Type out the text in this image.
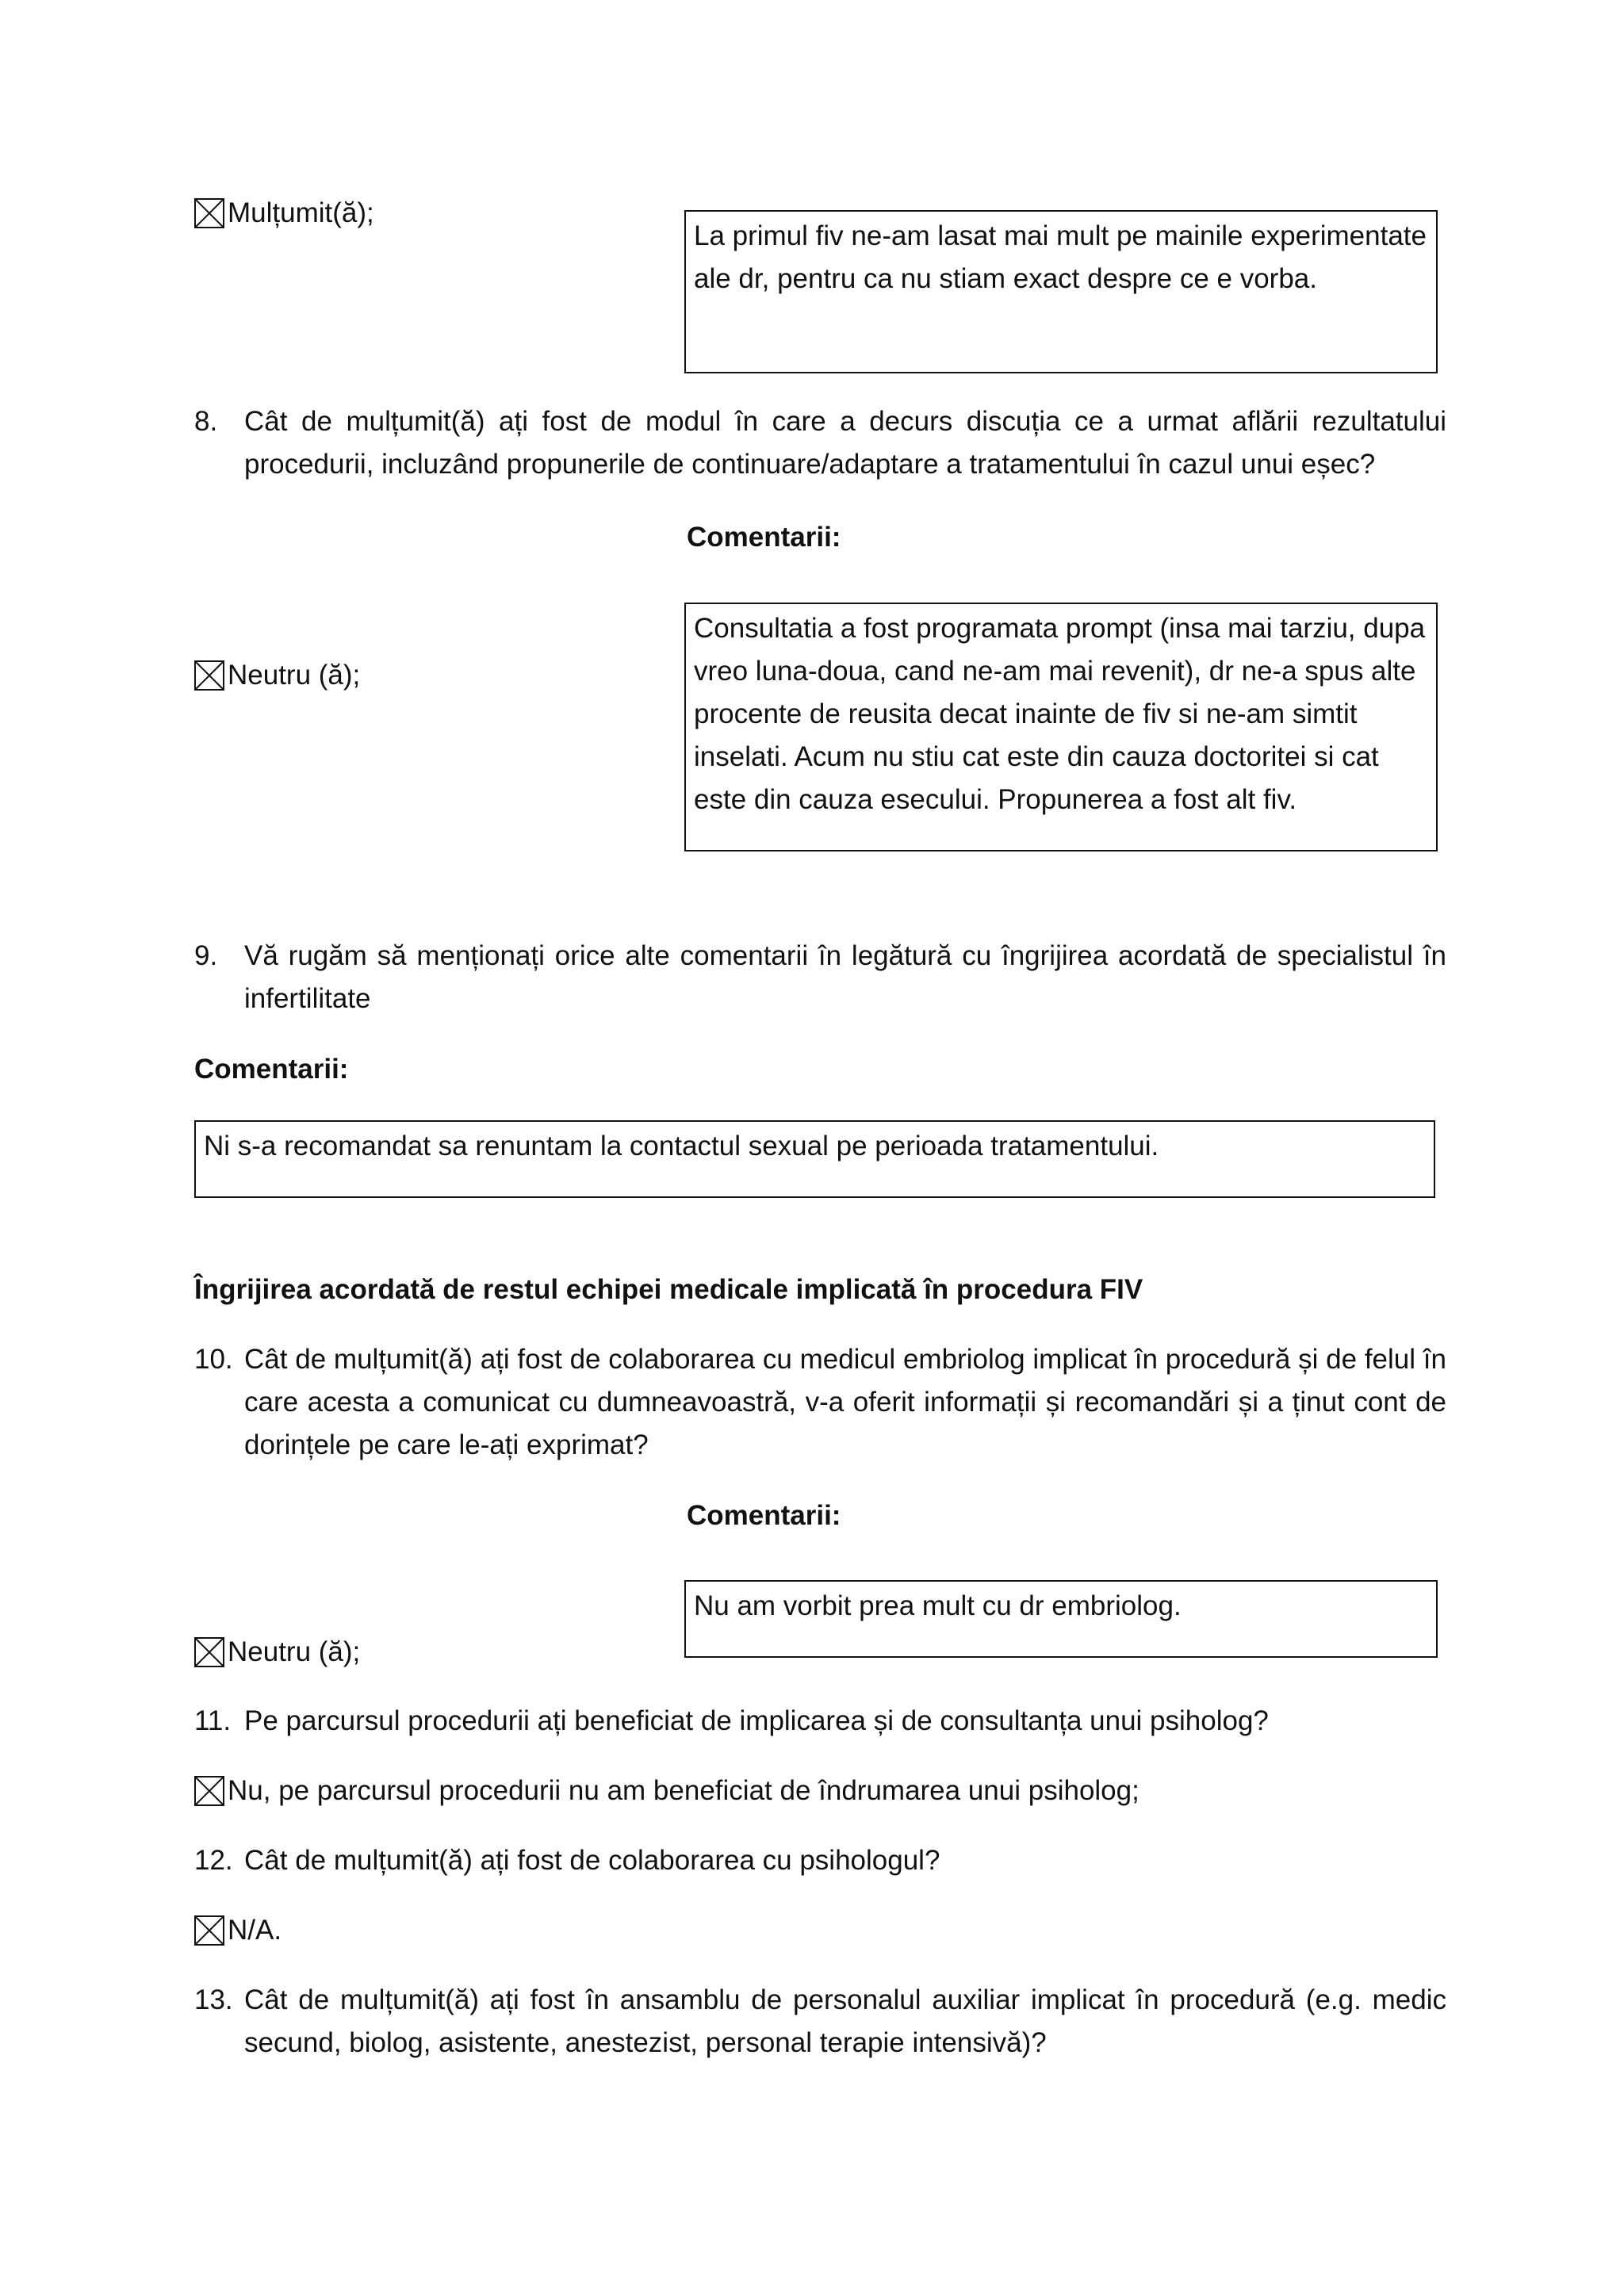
Mulțumit(ă);
La primul fiv ne-am lasat mai mult pe mainile experimentate ale dr, pentru ca nu stiam exact despre ce e vorba.
8. Cât de mulțumit(ă) ați fost de modul în care a decurs discuția ce a urmat aflării rezultatului procedurii, incluzând propunerile de continuare/adaptare a tratamentului în cazul unui eșec?
Comentarii:
Neutru (ă);
Consultatia a fost programata prompt (insa mai tarziu, dupa vreo luna-doua, cand ne-am mai revenit), dr ne-a spus alte procente de reusita decat inainte de fiv si ne-am simtit inselati. Acum nu stiu cat este din cauza doctoritei si cat este din cauza esecului. Propunerea a fost alt fiv.
9. Vă rugăm să menționați orice alte comentarii în legătură cu îngrijirea acordată de specialistul în infertilitate
Comentarii:
Ni s-a recomandat sa renuntam la contactul sexual pe perioada tratamentului.
Îngrijirea acordată de restul echipei medicale implicată în procedura FIV
10. Cât de mulțumit(ă) ați fost de colaborarea cu medicul embriolog implicat în procedură și de felul în care acesta a comunicat cu dumneavoastră, v-a oferit informații și recomandări și a ținut cont de dorințele pe care le-ați exprimat?
Comentarii:
Nu am vorbit prea mult cu dr embriolog.
Neutru (ă);
11. Pe parcursul procedurii ați beneficiat de implicarea și de consultanța unui psiholog?
Nu, pe parcursul procedurii nu am beneficiat de îndrumarea unui psiholog;
12. Cât de mulțumit(ă) ați fost de colaborarea cu psihologul?
N/A.
13. Cât de mulțumit(ă) ați fost în ansamblu de personalul auxiliar implicat în procedură (e.g. medic secund, biolog, asistente, anestezist, personal terapie intensivă)?
